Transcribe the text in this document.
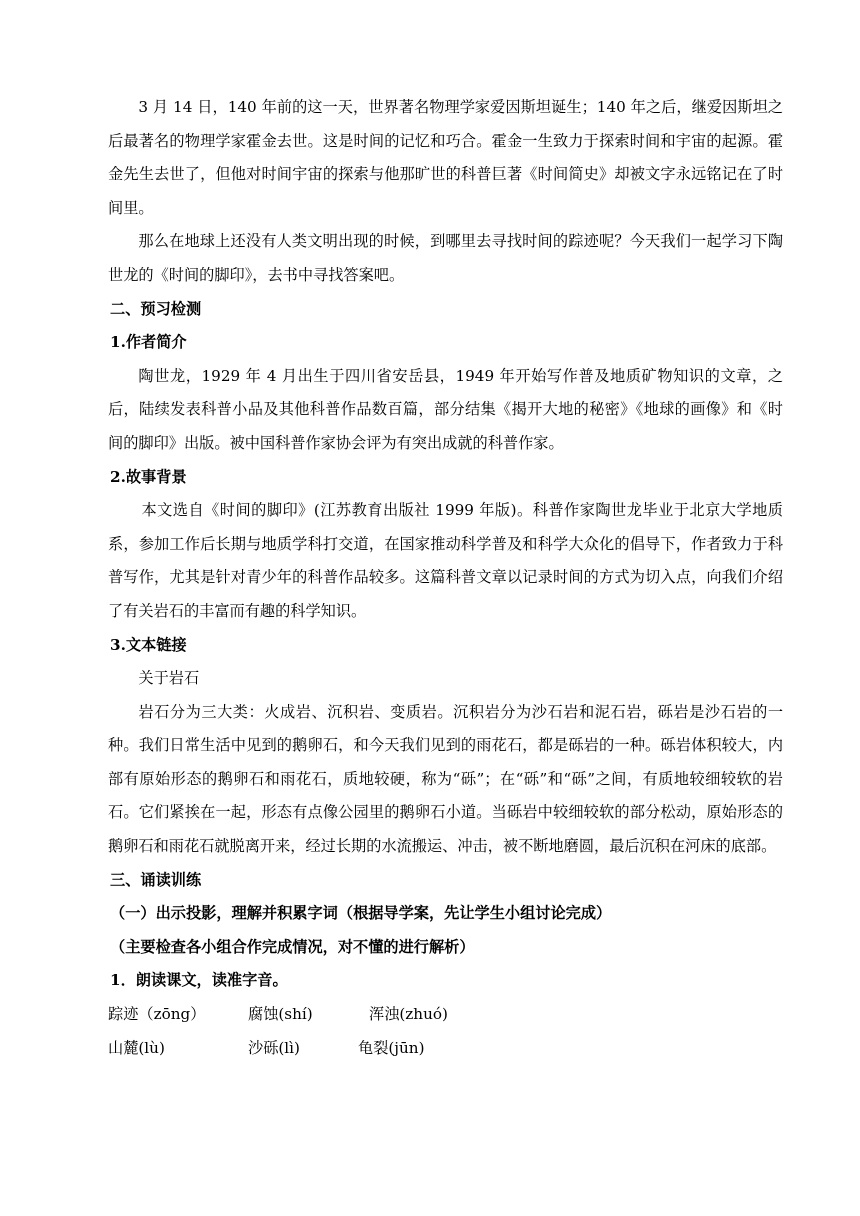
3 月 14 日，140 年前的这一天，世界著名物理学家爱因斯坦诞生；140 年之后，继爱因斯坦之后最著名的物理学家霍金去世。这是时间的记忆和巧合。霍金一生致力于探索时间和宇宙的起源。霍金先生去世了，但他对时间宇宙的探索与他那旷世的科普巨著《时间简史》却被文字永远铭记在了时间里。

那么在地球上还没有人类文明出现的时候，到哪里去寻找时间的踪迹呢？今天我们一起学习下陶世龙的《时间的脚印》，去书中寻找答案吧。

二、预习检测

1.作者简介

陶世龙，1929 年 4 月出生于四川省安岳县，1949 年开始写作普及地质矿物知识的文章，之后，陆续发表科普小品及其他科普作品数百篇，部分结集《揭开大地的秘密》《地球的画像》和《时间的脚印》出版。被中国科普作家协会评为有突出成就的科普作家。

2.故事背景

本文选自《时间的脚印》(江苏教育出版社 1999 年版)。科普作家陶世龙毕业于北京大学地质系，参加工作后长期与地质学科打交道，在国家推动科学普及和科学大众化的倡导下，作者致力于科普写作，尤其是针对青少年的科普作品较多。这篇科普文章以记录时间的方式为切入点，向我们介绍了有关岩石的丰富而有趣的科学知识。

3.文本链接

关于岩石

岩石分为三大类：火成岩、沉积岩、变质岩。沉积岩分为沙石岩和泥石岩，砾岩是沙石岩的一种。我们日常生活中见到的鹅卵石，和今天我们见到的雨花石，都是砾岩的一种。砾岩体积较大，内部有原始形态的鹅卵石和雨花石，质地较硬，称为“砾”；在“砾”和“砾”之间，有质地较细较软的岩石。它们紧挨在一起，形态有点像公园里的鹅卵石小道。当砾岩中较细较软的部分松动，原始形态的鹅卵石和雨花石就脱离开来，经过长期的水流搬运、冲击，被不断地磨圆，最后沉积在河床的底部。

三、诵读训练

（一）出示投影，理解并积累字词（根据导学案，先让学生小组讨论完成）

（主要检查各小组合作完成情况，对不懂的进行解析）

1．朗读课文，读准字音。

踪迹（zōng）	腐蚀(shí)	浑浊(zhuó)
山麓(lù)	沙砾(lì)	龟裂(jūn)
